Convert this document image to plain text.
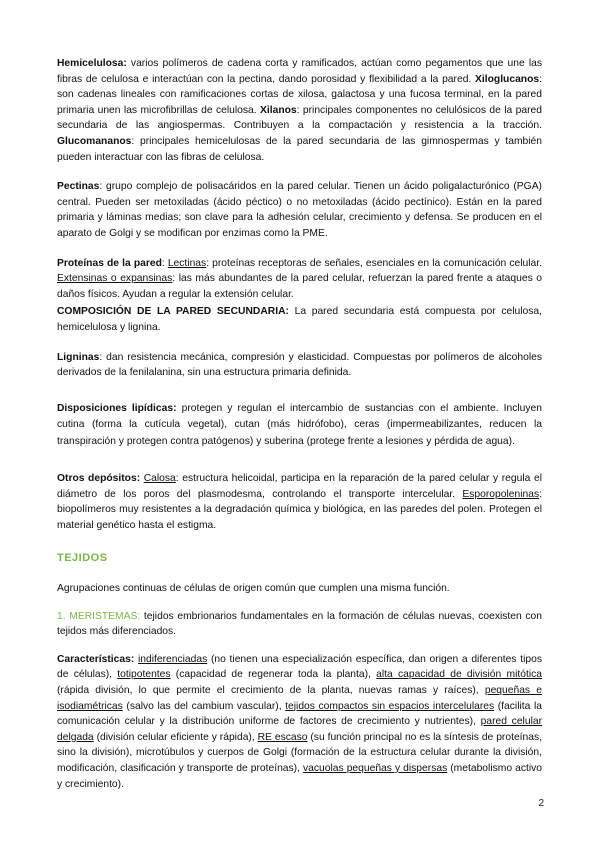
Hemicelulosa: varios polímeros de cadena corta y ramificados, actúan como pegamentos que une las fibras de celulosa e interactúan con la pectina, dando porosidad y flexibilidad a la pared. Xiloglucanos: son cadenas lineales con ramificaciones cortas de xilosa, galactosa y una fucosa terminal, en la pared primaria unen las microfibrillas de celulosa. Xilanos: principales componentes no celulósicos de la pared secundaria de las angiospermas. Contribuyen a la compactación y resistencia a la tracción. Glucomananos: principales hemicelulosas de la pared secundaria de las gimnospermas y también pueden interactuar con las fibras de celulosa.

Pectinas: grupo complejo de polisacáridos en la pared celular. Tienen un ácido poligalacturónico (PGA) central. Pueden ser metoxiladas (ácido péctico) o no metoxiladas (ácido pectínico). Están en la pared primaria y láminas medias; son clave para la adhesión celular, crecimiento y defensa. Se producen en el aparato de Golgi y se modifican por enzimas como la PME.

Proteínas de la pared: Lectinas: proteínas receptoras de señales, esenciales en la comunicación celular. Extensinas o expansinas: las más abundantes de la pared celular, refuerzan la pared frente a ataques o daños físicos. Ayudan a regular la extensión celular.

COMPOSICIÓN DE LA PARED SECUNDARIA: La pared secundaria está compuesta por celulosa, hemicelulosa y lignina.

Ligninas: dan resistencia mecánica, compresión y elasticidad. Compuestas por polímeros de alcoholes derivados de la fenilalanina, sin una estructura primaria definida.

Disposiciones lipídicas: protegen y regulan el intercambio de sustancias con el ambiente. Incluyen cutina (forma la cutícula vegetal), cutan (más hidrófobo), ceras (impermeabilizantes, reducen la transpiración y protegen contra patógenos) y suberina (protege frente a lesiones y pérdida de agua).

Otros depósitos: Calosa: estructura helicoidal, participa en la reparación de la pared celular y regula el diámetro de los poros del plasmodesma, controlando el transporte intercelular. Esporopoleninas: biopolímeros muy resistentes a la degradación química y biológica, en las paredes del polen. Protegen el material genético hasta el estigma.

TEJIDOS

Agrupaciones continuas de células de origen común que cumplen una misma función.

1. MERISTEMAS: tejidos embrionarios fundamentales en la formación de células nuevas, coexisten con tejidos más diferenciados.

Características: indiferenciadas (no tienen una especialización específica, dan origen a diferentes tipos de células), totipotentes (capacidad de regenerar toda la planta), alta capacidad de división mitótica (rápida división, lo que permite el crecimiento de la planta, nuevas ramas y raíces), pequeñas e isodiamétricas (salvo las del cambium vascular), tejidos compactos sin espacios intercelulares (facilita la comunicación celular y la distribución uniforme de factores de crecimiento y nutrientes), pared celular delgada (división celular eficiente y rápida), RE escaso (su función principal no es la síntesis de proteínas, sino la división), microtúbulos y cuerpos de Golgi (formación de la estructura celular durante la división, modificación, clasificación y transporte de proteínas), vacuolas pequeñas y dispersas (metabolismo activo y crecimiento).

2
